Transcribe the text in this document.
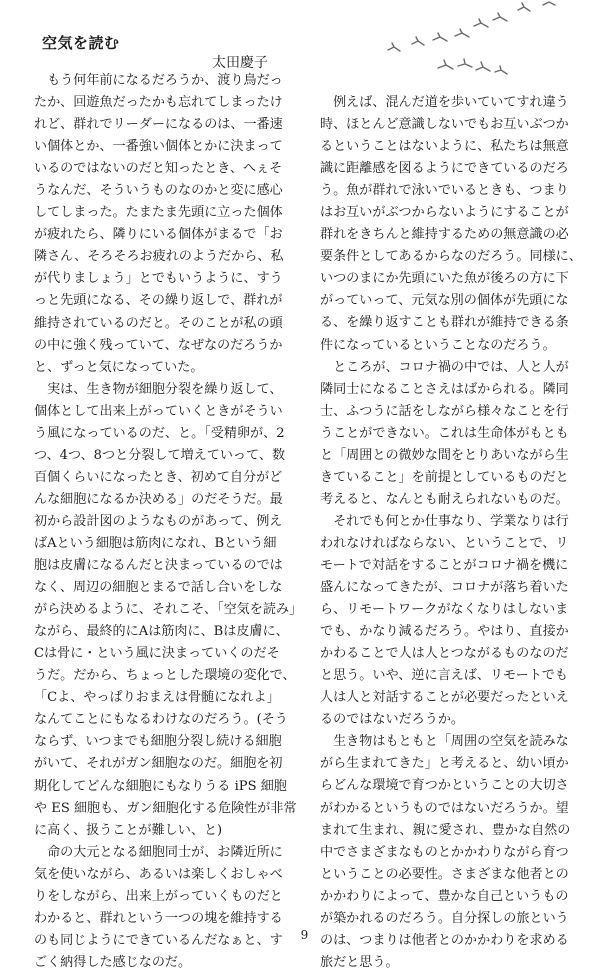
空気を読む
太田慶子
　もう何年前になるだろうか、渡り鳥だっ
たか、回遊魚だったかも忘れてしまったけ
れど、群れでリーダーになるのは、一番速
い個体とか、一番強い個体とかに決まって
いるのではないのだと知ったとき、へぇそ
うなんだ、そういうものなのかと変に感心
してしまった。たまたま先頭に立った個体
が疲れたら、隣りにいる個体がまるで「お
隣さん、そろそろお疲れのようだから、私
が代りましょう」とでもいうように、すう
っと先頭になる、その繰り返しで、群れが
維持されているのだと。そのことが私の頭
の中に強く残っていて、なぜなのだろうか
と、ずっと気になっていた。
　実は、生き物が細胞分裂を繰り返して、
個体として出来上がっていくときがそうい
う風になっているのだ、と。「受精卵が、2
つ、4つ、8つと分裂して増えていって、数
百個くらいになったとき、初めて自分がど
んな細胞になるか決める」のだそうだ。最
初から設計図のようなものがあって、例え
ばAという細胞は筋肉になれ、Bという細
胞は皮膚になるんだと決まっているのでは
なく、周辺の細胞とまるで話し合いをしな
がら決めるように、それこそ、「空気を読み」
ながら、最終的にAは筋肉に、Bは皮膚に、
Cは骨に・という風に決まっていくのだそ
うだ。だから、ちょっとした環境の変化で、
「Cよ、やっぱりおまえは骨髄になれよ」
なんてことにもなるわけなのだろう。(そう
ならず、いつまでも細胞分裂し続ける細胞
がいて、それがガン細胞なのだ。細胞を初
期化してどんな細胞にもなりうる iPS 細胞
や ES 細胞も、ガン細胞化する危険性が非常
に高く、扱うことが難しい、と)
　命の大元となる細胞同士が、お隣近所に
気を使いながら、あるいは楽しくおしゃべ
りをしながら、出来上がっていくものだと
わかると、群れという一つの塊を維持する
のも同じようにできているんだなぁと、す
ごく納得した感じなのだ。
　例えば、混んだ道を歩いていてすれ違う
時、ほとんど意識しないでもお互いぶつか
るということはないように、私たちは無意
識に距離感を図るようにできているのだろ
う。魚が群れで泳いでいるときも、つまり
はお互いがぶつからないようにすることが
群れをきちんと維持するための無意識の必
要条件としてあるからなのだろう。同様に、
いつのまにか先頭にいた魚が後ろの方に下
がっていって、元気な別の個体が先頭にな
る、を繰り返すことも群れが維持できる条
件になっているということなのだろう。
　ところが、コロナ禍の中では、人と人が
隣同士になることさえはばかられる。隣同
士、ふつうに話をしながら様々なことを行
うことができない。これは生命体がもとも
と「周囲との微妙な間をとりあいながら生
きていること」を前提としているものだと
考えると、なんとも耐えられないものだ。
　それでも何とか仕事なり、学業なりは行
われなければならない、ということで、リ
モートで対話をすることがコロナ禍を機に
盛んになってきたが、コロナが落ち着いた
ら、リモートワークがなくなりはしないま
でも、かなり減るだろう。やはり、直接か
かわることで人は人とつながるものなのだ
と思う。いや、逆に言えば、リモートでも
人は人と対話することが必要だったといえ
るのではないだろうか。
　生き物はもともと「周囲の空気を読みな
がら生まれてきた」と考えると、幼い頃か
らどんな環境で育つかということの大切さ
がわかるというものではないだろうか。望
まれて生まれ、親に愛され、豊かな自然の
中でさまざまなものとかかわりながら育つ
ということの必要性。さまざまな他者との
かかわりによって、豊かな自己というもの
が築かれるのだろう。自分探しの旅という
のは、つまりは他者とのかかわりを求める
旅だと思う。
9
